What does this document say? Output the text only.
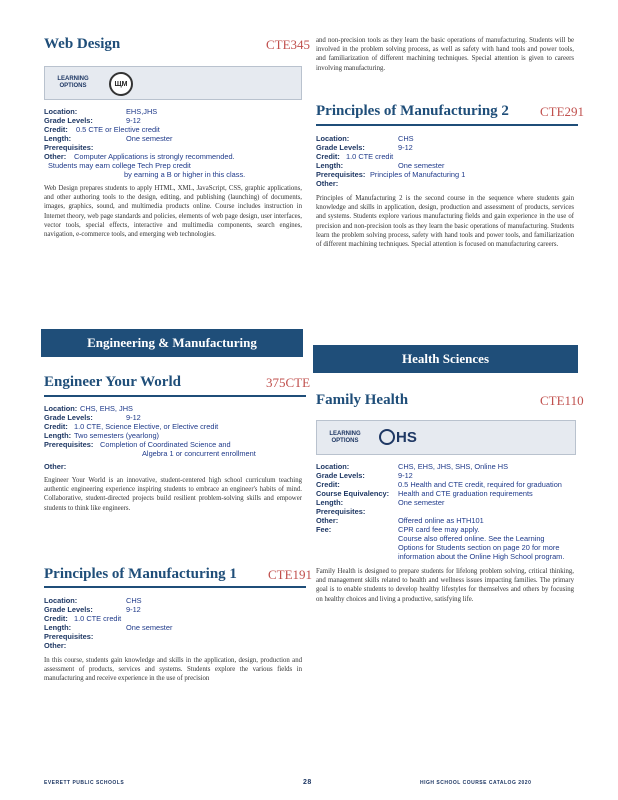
Web Design	CTE345
LEARNING OPTIONS	ЩМ
Location:	EHS,JHS
Grade Levels:	9-12
Credit:	0.5 CTE or Elective credit
Length:	One semester
Prerequisites:
Other:	Computer Applications is strongly recommended.
Students may earn college Tech Prep credit
by earning a B or higher in this class.
Web Design prepares students to apply HTML, XML, JavaScript, CSS, graphic applications, and other authoring tools to the design, editing, and publishing (launching) of documents, images, graphics, sound, and multimedia products online. Course includes instruction in Internet theory, web page standards and policies, elements of web page design, user interfaces, vector tools, special effects, interactive and multimedia components, search engines, navigation, e-commerce tools, and emerging web technologies.
Engineering & Manufacturing
Engineer Your World	375CTE
Location: CHS, EHS, JHS
Grade Levels:	9-12
Credit: 1.0 CTE, Science Elective, or Elective credit
Length: Two semesters (yearlong)
Prerequisites: Completion of Coordinated Science and
Algebra 1 or concurrent enrollment
Other:
Engineer Your World is an innovative, student-centered high school curriculum teaching authentic engineering experience inspiring students to embrace an engineer's habits of mind. Collaborative, student-directed projects build resilient problem-solving skills and empower students to think like engineers.
Principles of Manufacturing 1	CTE191
Location:	CHS
Grade Levels:	9-12
Credit: 1.0 CTE credit
Length:	One semester
Prerequisites:
Other:
In this course, students gain knowledge and skills in the application, design, production and assessment of products, services and systems. Students explore the various fields in manufacturing and receive experience in the use of precision
and non-precision tools as they learn the basic operations of manufacturing. Students will be involved in the problem solving process, as well as safety with hand tools and power tools, and familiarization of different machining techniques. Special attention is given to careers involving manufacturing.
Principles of Manufacturing 2	CTE291
Location:	CHS
Grade Levels:	9-12
Credit: 1.0 CTE credit
Length:	One semester
Prerequisites: Principles of Manufacturing 1
Other:
Principles of Manufacturing 2 is the second course in the sequence where students gain knowledge and skills in application, design, production and assessment of products, services and systems. Students explore various manufacturing fields and gain experience in the use of precision and non-precision tools as they learn the basic operations of manufacturing. Students learn the problem solving process, safety with hand tools and power tools, and familiarization of different machining techniques. Special attention is focused on manufacturing careers.
Health Sciences
Family Health	CTE110
LEARNING OPTIONS	HS
Location:	CHS, EHS, JHS, SHS, Online HS
Grade Levels:	9-12
Credit:	0.5 Health and CTE credit, required for graduation
Course Equivalency:	Health and CTE graduation requirements
Length:	One semester
Prerequisites:
Other:	Offered online as HTH101
Fee:	CPR card fee may apply.
Course also offered online. See the Learning
Options for Students section on page 20 for more
information about the Online High School program.
Family Health is designed to prepare students for lifelong problem solving, critical thinking, and management skills related to health and wellness issues impacting families. The primary goal is to enable students to develop healthy lifestyles for themselves and others by focusing on healthy choices and living a productive, satisfying life.
EVERETT PUBLIC SCHOOLS	28	HIGH SCHOOL COURSE CATALOG 2020
